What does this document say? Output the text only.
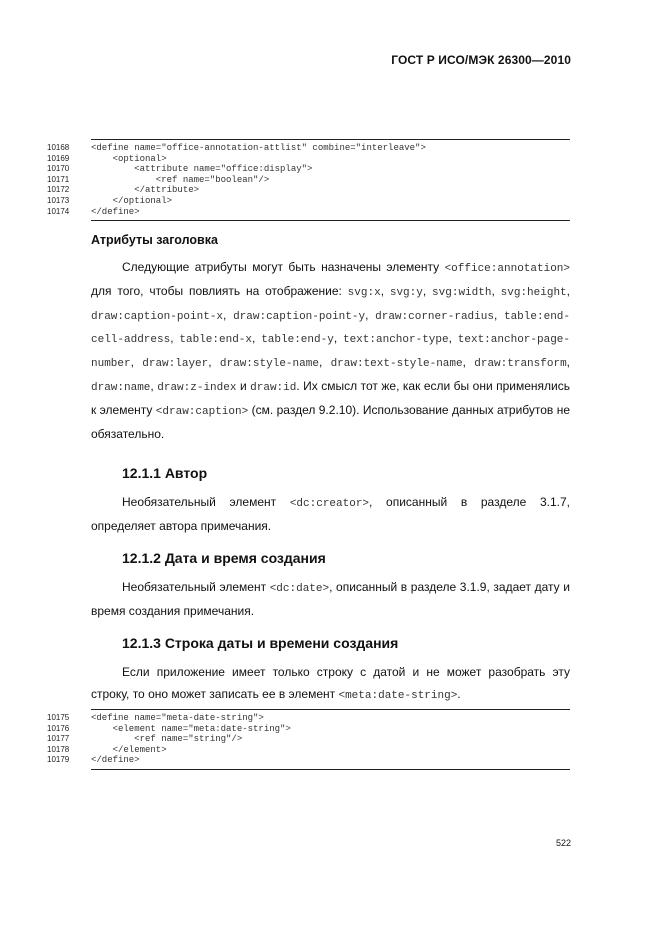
ГОСТ Р ИСО/МЭК 26300—2010
10168	<define name="office-annotation-attlist" combine="interleave">
10169	<optional>
10170	<attribute name="office:display">
10171	<ref name="boolean"/>
10172	</attribute>
10173	</optional>
10174	</define>
Атрибуты заголовка
Следующие атрибуты могут быть назначены элементу <office:annotation> для того, чтобы повлиять на отображение: svg:x, svg:y, svg:width, svg:height, draw:caption-point-x, draw:caption-point-y, draw:corner-radius, table:end-cell-address, table:end-x, table:end-y, text:anchor-type, text:anchor-page-number, draw:layer, draw:style-name, draw:text-style-name, draw:transform, draw:name, draw:z-index и draw:id. Их смысл тот же, как если бы они применялись к элементу <draw:caption> (см. раздел 9.2.10). Использование данных атрибутов не обязательно.
12.1.1 Автор
Необязательный элемент <dc:creator>, описанный в разделе 3.1.7, определяет автора примечания.
12.1.2 Дата и время создания
Необязательный элемент <dc:date>, описанный в разделе 3.1.9, задает дату и время создания примечания.
12.1.3 Строка даты и времени создания
Если приложение имеет только строку с датой и не может разобрать эту строку, то оно может записать ее в элемент <meta:date-string>.
10175	<define name="meta-date-string">
10176	<element name="meta:date-string">
10177	<ref name="string"/>
10178	</element>
10179	</define>
522
